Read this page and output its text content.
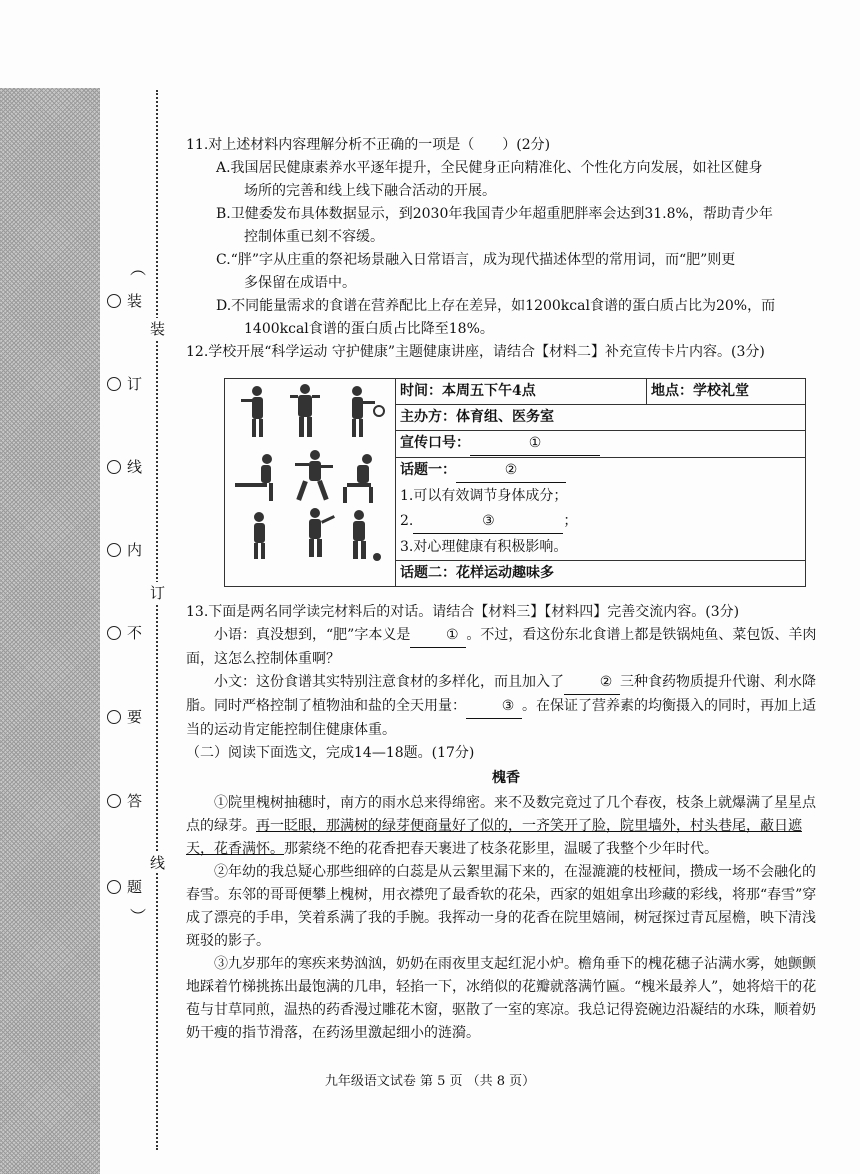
︵
装
订
线
内
不
要
答
题
︶
装
订
线

11.对上述材料内容理解分析不正确的一项是（　　）(2分)

A.我国居民健康素养水平逐年提升，全民健身正向精准化、个性化方向发展，如社区健身
场所的完善和线上线下融合活动的开展。

B.卫健委发布具体数据显示，到2030年我国青少年超重肥胖率会达到31.8%，帮助青少年
控制体重已刻不容缓。

C.“胖”字从庄重的祭祀场景融入日常语言，成为现代描述体型的常用词，而“肥”则更
多保留在成语中。

D.不同能量需求的食谱在营养配比上存在差异，如1200kcal食谱的蛋白质占比为20%，而
1400kcal食谱的蛋白质占比降至18%。

12.学校开展“科学运动 守护健康”主题健康讲座，请结合【材料二】补充宣传卡片内容。(3分)

	时间：本周五下午4点	地点：学校礼堂
主办方：体育组、医务室
宣传口号：	①
话题一：	②
1.可以有效调节身体成分；
2.	③	；
3.对心理健康有积极影响。
话题二：花样运动趣味多

13.下面是两名同学读完材料后的对话。请结合【材料三】【材料四】完善交流内容。(3分)

小语：真没想到，“肥”字本义是	① 。不过，看这份东北食谱上都是铁锅炖鱼、菜包饭、羊肉面，这怎么控制体重啊？

小文：这份食谱其实特别注意食材的多样化，而且加入了	② 三种食药物质提升代谢、利水降脂。同时严格控制了植物油和盐的全天用量：	③ 。在保证了营养素的均衡摄入的同时，再加上适当的运动肯定能控制住健康体重。

（二）阅读下面选文，完成14—18题。(17分)

槐香

①院里槐树抽穗时，南方的雨水总来得绵密。来不及数完竟过了几个春夜，枝条上就爆满了星星点点的绿芽。再一眨眼，那满树的绿芽便商量好了似的，一齐笑开了脸，院里墙外，村头巷尾，蔽日遮天，花香满怀。那萦绕不绝的花香把春天裹进了枝条花影里，温暖了我整个少年时代。

②年幼的我总疑心那些细碎的白蕊是从云絮里漏下来的，在湿漉漉的枝桠间，攒成一场不会融化的春雪。东邻的哥哥便攀上槐树，用衣襟兜了最香软的花朵，西家的姐姐拿出珍藏的彩线，将那“春雪”穿成了漂亮的手串，笑着系满了我的手腕。我挥动一身的花香在院里嬉闹，树冠探过青瓦屋檐，映下清浅斑驳的影子。

③九岁那年的寒疾来势汹汹，奶奶在雨夜里支起红泥小炉。檐角垂下的槐花穗子沾满水雾，她颤颤地踩着竹梯挑拣出最饱满的几串，轻掐一下，冰绡似的花瓣就落满竹匾。“槐米最养人”，她将焙干的花苞与甘草同煎，温热的药香漫过雕花木窗，驱散了一室的寒凉。我总记得瓷碗边沿凝结的水珠，顺着奶奶干瘦的指节滑落，在药汤里激起细小的涟漪。

九年级语文试卷 第 5 页 （共 8 页）
